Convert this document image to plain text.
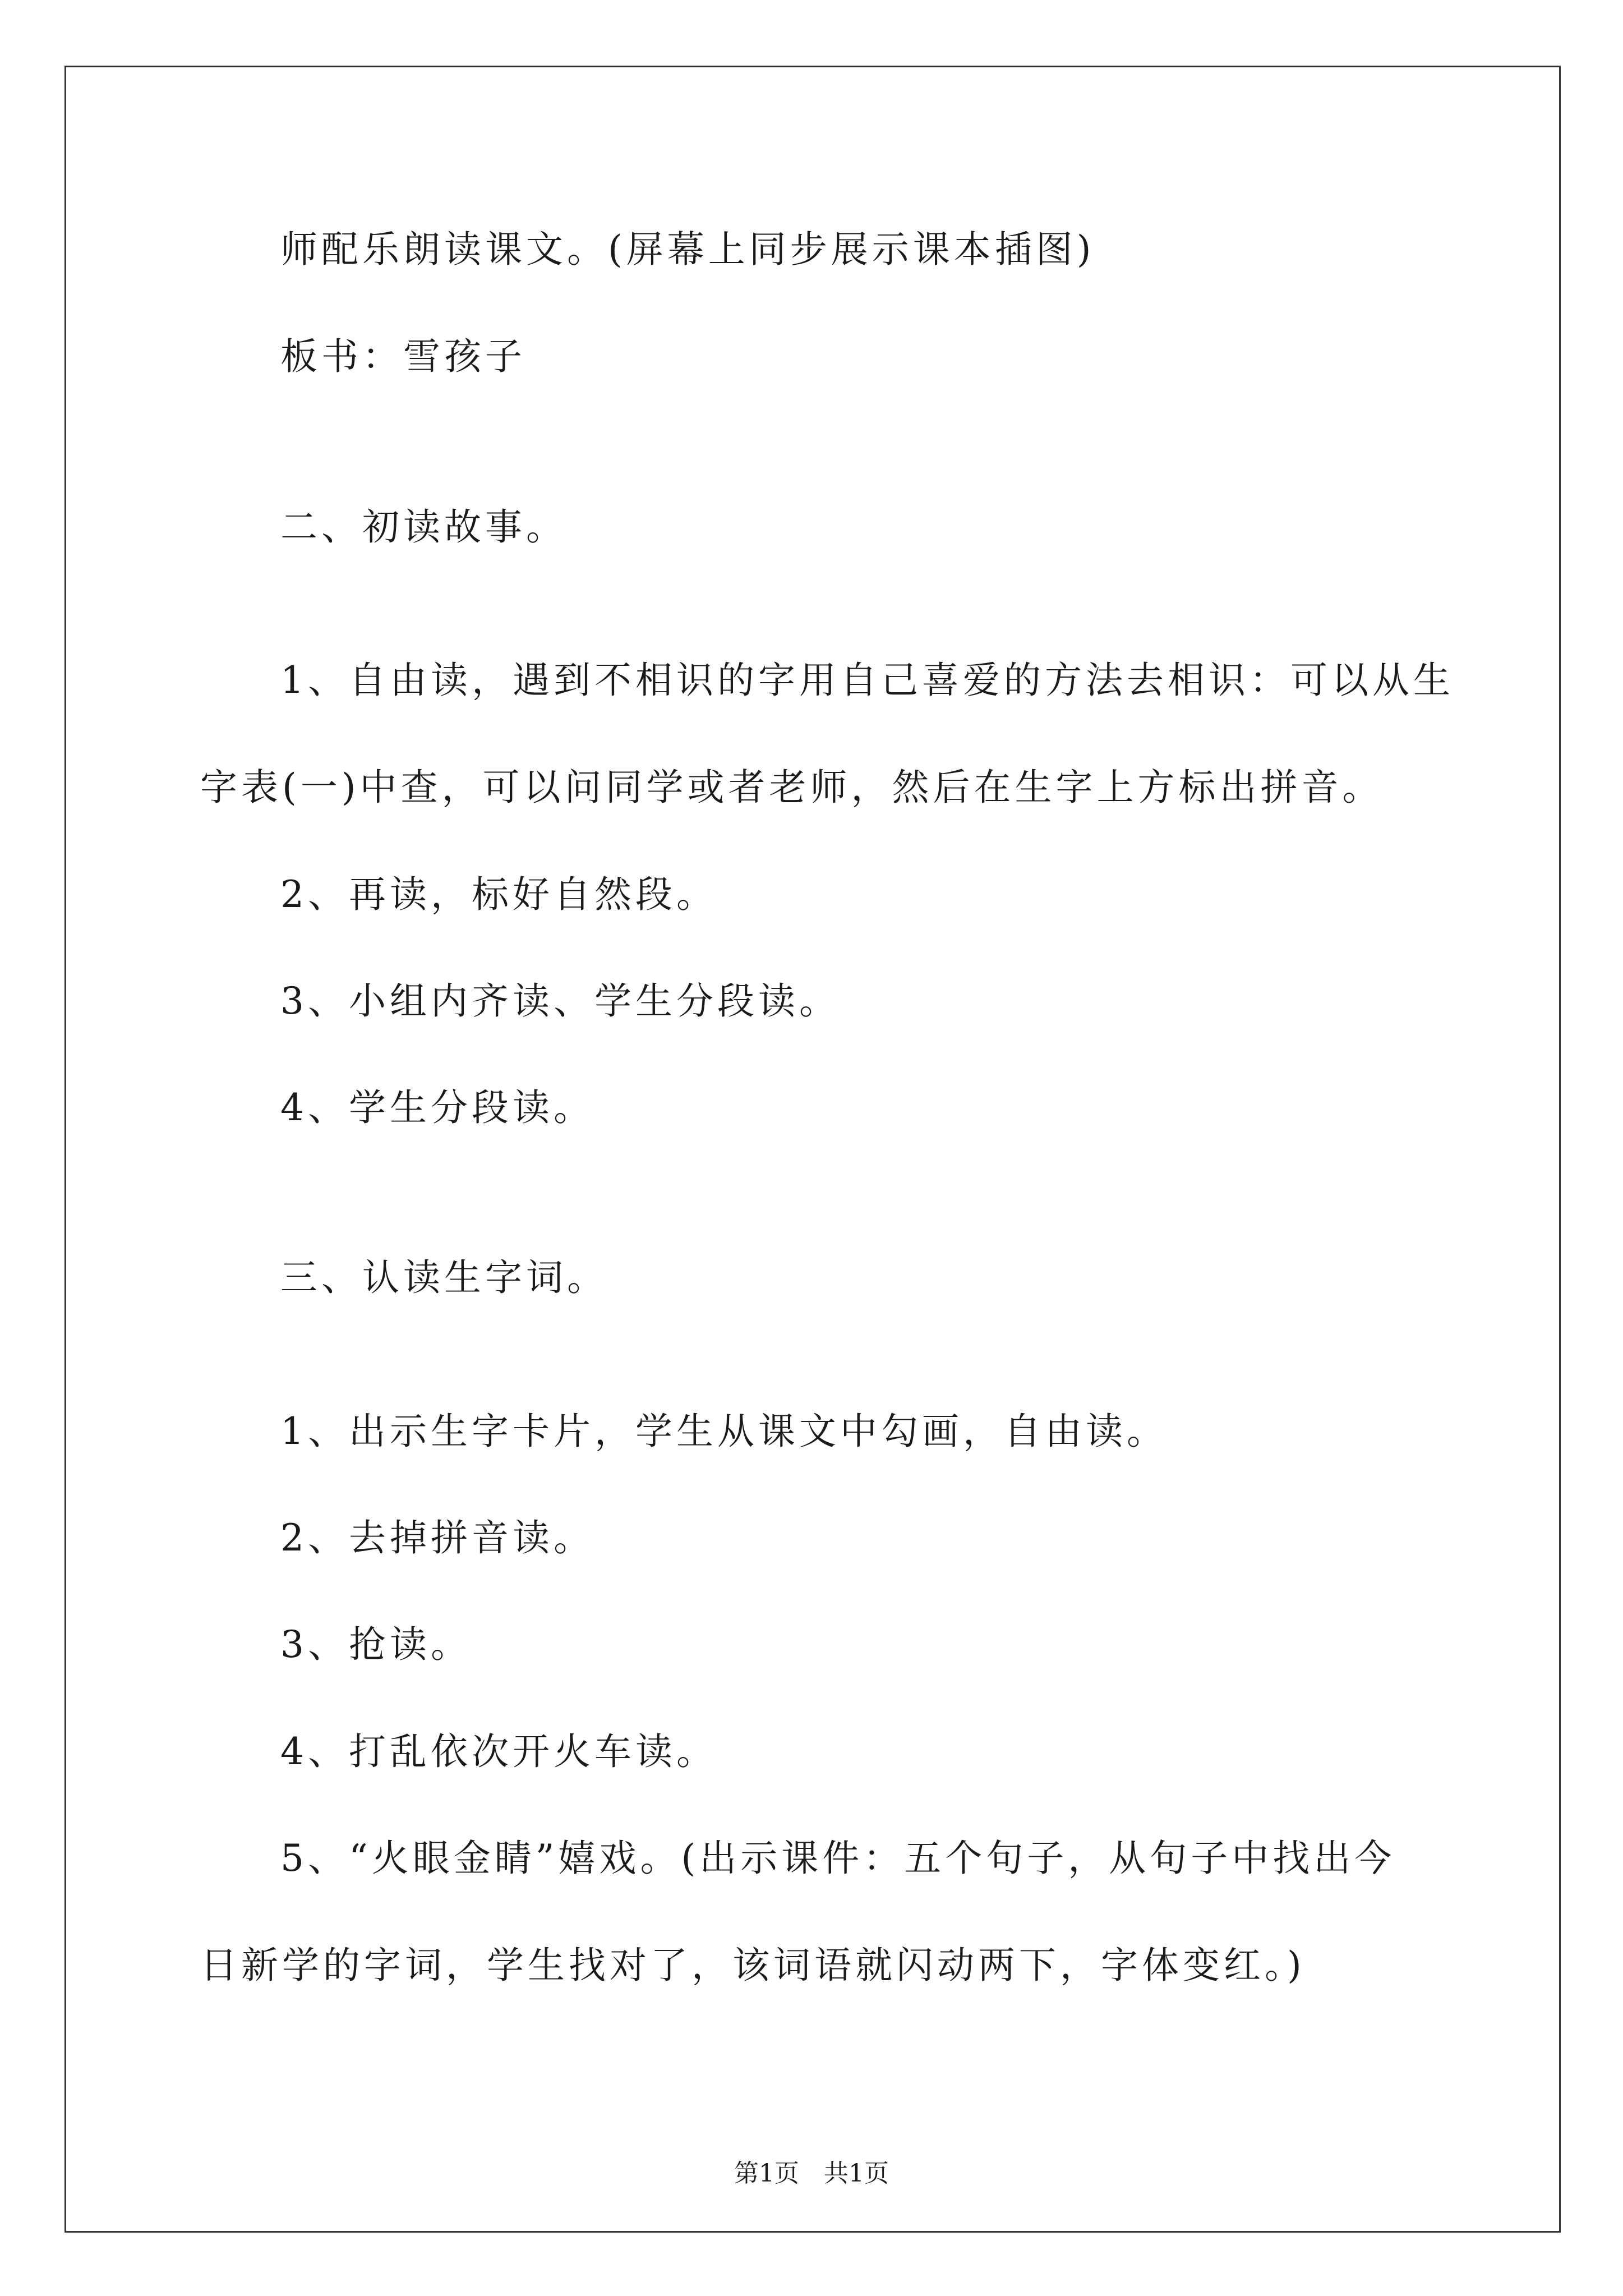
师配乐朗读课文。(屏幕上同步展示课本插图)
板书：雪孩子
二、初读故事。
1、自由读，遇到不相识的字用自己喜爱的方法去相识：可以从生
字表(一)中查，可以问同学或者老师，然后在生字上方标出拼音。
2、再读，标好自然段。
3、小组内齐读、学生分段读。
4、学生分段读。
三、认读生字词。
1、出示生字卡片，学生从课文中勾画，自由读。
2、去掉拼音读。
3、抢读。
4、打乱依次开火车读。
5、“火眼金睛”嬉戏。(出示课件：五个句子，从句子中找出今
日新学的字词，学生找对了，该词语就闪动两下，字体变红。)
第1页　共1页
